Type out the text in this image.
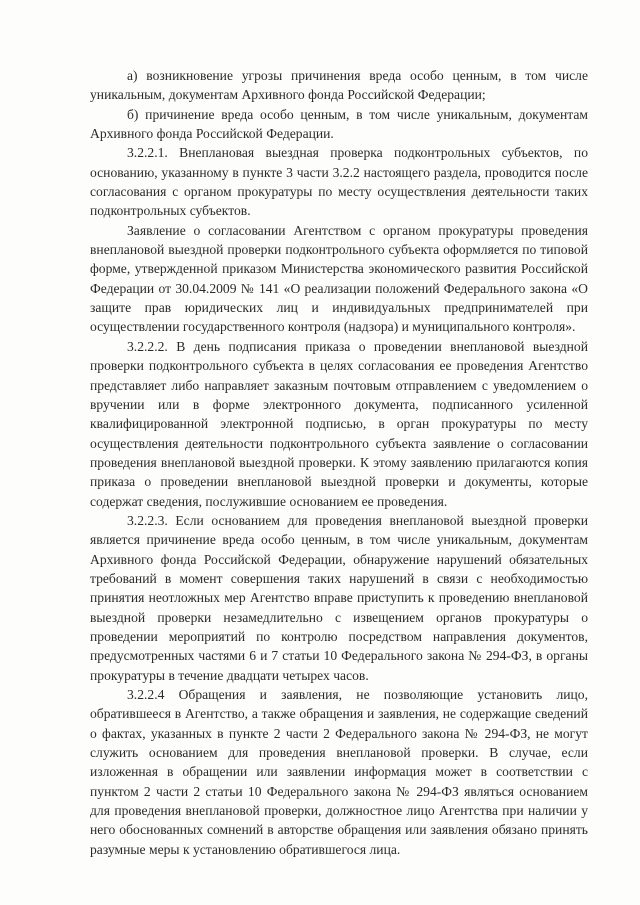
а) возникновение угрозы причинения вреда особо ценным, в том числе уникальным, документам Архивного фонда Российской Федерации;

б) причинение вреда особо ценным, в том числе уникальным, документам Архивного фонда Российской Федерации.

3.2.2.1. Внеплановая выездная проверка подконтрольных субъектов, по основанию, указанному в пункте 3 части 3.2.2 настоящего раздела, проводится после согласования с органом прокуратуры по месту осуществления деятельности таких подконтрольных субъектов.

Заявление о согласовании Агентством с органом прокуратуры проведения внеплановой выездной проверки подконтрольного субъекта оформляется по типовой форме, утвержденной приказом Министерства экономического развития Российской Федерации от 30.04.2009 № 141 «О реализации положений Федерального закона «О защите прав юридических лиц и индивидуальных предпринимателей при осуществлении государственного контроля (надзора) и муниципального контроля».

3.2.2.2. В день подписания приказа о проведении внеплановой выездной проверки подконтрольного субъекта в целях согласования ее проведения Агентство представляет либо направляет заказным почтовым отправлением с уведомлением о вручении или в форме электронного документа, подписанного усиленной квалифицированной электронной подписью, в орган прокуратуры по месту осуществления деятельности подконтрольного субъекта заявление о согласовании проведения внеплановой выездной проверки. К этому заявлению прилагаются копия приказа о проведении внеплановой выездной проверки и документы, которые содержат сведения, послужившие основанием ее проведения.

3.2.2.3. Если основанием для проведения внеплановой выездной проверки является причинение вреда особо ценным, в том числе уникальным, документам Архивного фонда Российской Федерации, обнаружение нарушений обязательных требований в момент совершения таких нарушений в связи с необходимостью принятия неотложных мер Агентство вправе приступить к проведению внеплановой выездной проверки незамедлительно с извещением органов прокуратуры о проведении мероприятий по контролю посредством направления документов, предусмотренных частями 6 и 7 статьи 10 Федерального закона № 294-ФЗ, в органы прокуратуры в течение двадцати четырех часов.

3.2.2.4 Обращения и заявления, не позволяющие установить лицо, обратившееся в Агентство, а также обращения и заявления, не содержащие сведений о фактах, указанных в пункте 2 части 2 Федерального закона № 294-ФЗ, не могут служить основанием для проведения внеплановой проверки. В случае, если изложенная в обращении или заявлении информация может в соответствии с пунктом 2 части 2 статьи 10 Федерального закона № 294-ФЗ являться основанием для проведения внеплановой проверки, должностное лицо Агентства при наличии у него обоснованных сомнений в авторстве обращения или заявления обязано принять разумные меры к установлению обратившегося лица.
